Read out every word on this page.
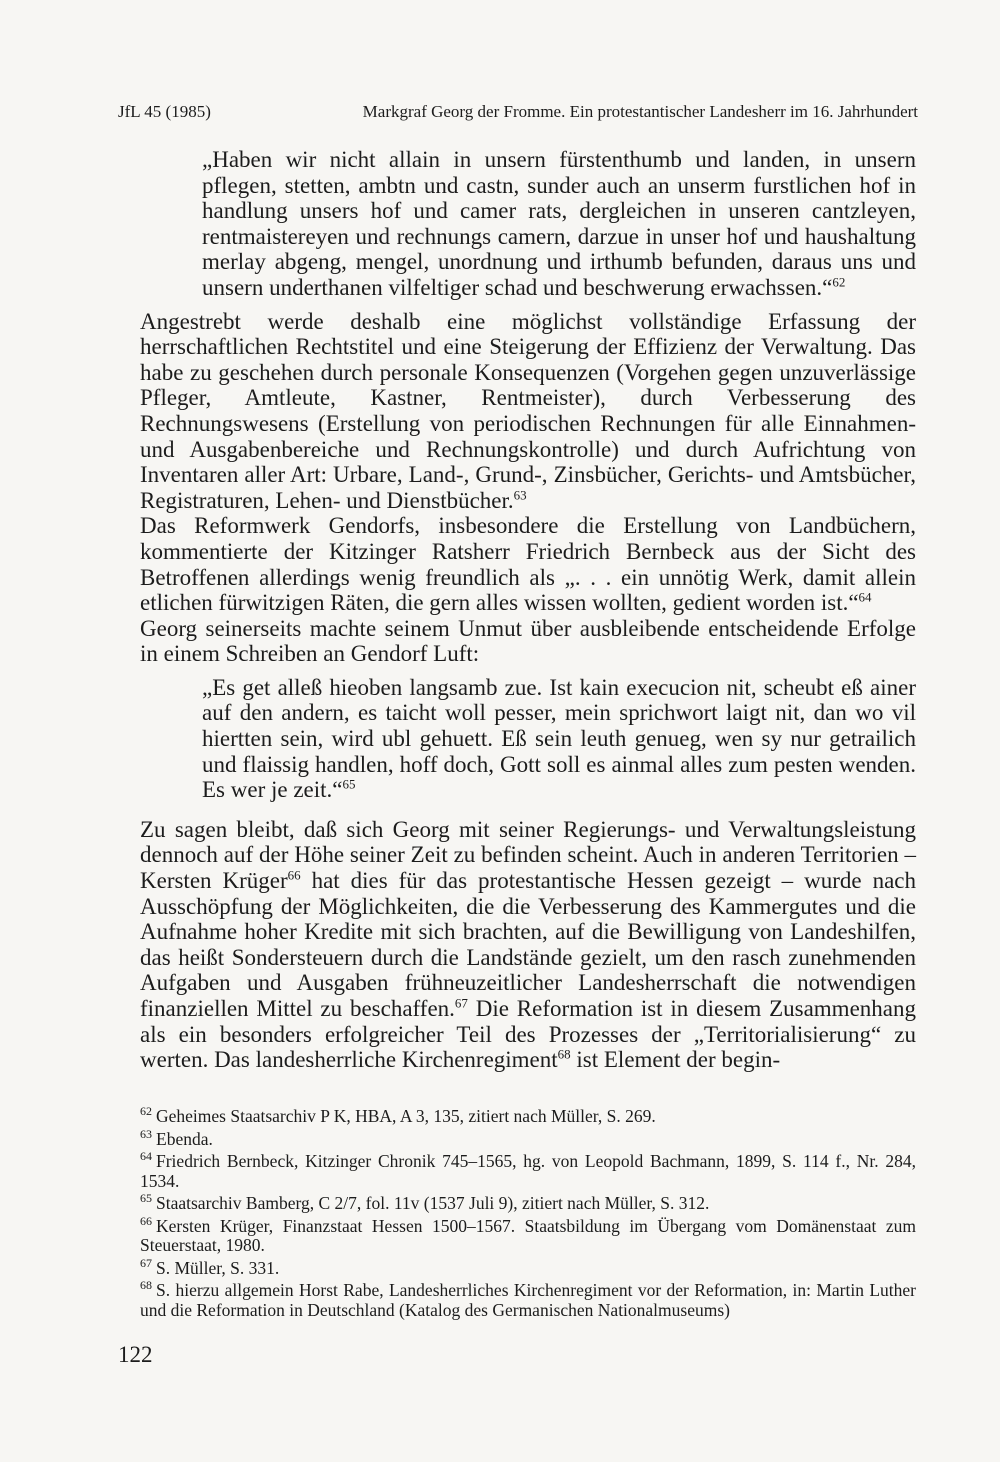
JfL 45 (1985)	Markgraf Georg der Fromme. Ein protestantischer Landesherr im 16. Jahrhundert

„Haben wir nicht allain in unsern fürstenthumb und landen, in unsern pflegen, stetten, ambtn und castn, sunder auch an unserm furstlichen hof in handlung unsers hof und camer rats, dergleichen in unseren cantzleyen, rentmaistereyen und rechnungs camern, darzue in unser hof und haushaltung merlay abgeng, mengel, unordnung und irthumb befunden, daraus uns und unsern underthanen vilfeltiger schad und beschwerung erwachssen.“$^{62}$

Angestrebt werde deshalb eine möglichst vollständige Erfassung der herrschaftlichen Rechtstitel und eine Steigerung der Effizienz der Verwaltung. Das habe zu geschehen durch personale Konsequenzen (Vorgehen gegen unzuverlässige Pfleger, Amtleute, Kastner, Rentmeister), durch Verbesserung des Rechnungswesens (Erstellung von periodischen Rechnungen für alle Einnahmen- und Ausgabenbereiche und Rechnungskontrolle) und durch Aufrichtung von Inventaren aller Art: Urbare, Land-, Grund-, Zinsbücher, Gerichts- und Amtsbücher, Registraturen, Lehen- und Dienstbücher.$^{63}$

Das Reformwerk Gendorfs, insbesondere die Erstellung von Landbüchern, kommentierte der Kitzinger Ratsherr Friedrich Bernbeck aus der Sicht des Betroffenen allerdings wenig freundlich als „. . . ein unnötig Werk, damit allein etlichen fürwitzigen Räten, die gern alles wissen wollten, gedient worden ist.“$^{64}$

Georg seinerseits machte seinem Unmut über ausbleibende entscheidende Erfolge in einem Schreiben an Gendorf Luft:

„Es get alleß hieoben langsamb zue. Ist kain execucion nit, scheubt eß ainer auf den andern, es taicht woll pesser, mein sprichwort laigt nit, dan wo vil hiertten sein, wird ubl gehuett. Eß sein leuth genueg, wen sy nur getrailich und flaissig handlen, hoff doch, Gott soll es ainmal alles zum pesten wenden. Es wer je zeit.“$^{65}$

Zu sagen bleibt, daß sich Georg mit seiner Regierungs- und Verwaltungsleistung dennoch auf der Höhe seiner Zeit zu befinden scheint. Auch in anderen Territorien – Kersten Krüger$^{66}$ hat dies für das protestantische Hessen gezeigt – wurde nach Ausschöpfung der Möglichkeiten, die die Verbesserung des Kammergutes und die Aufnahme hoher Kredite mit sich brachten, auf die Bewilligung von Landeshilfen, das heißt Sondersteuern durch die Landstände gezielt, um den rasch zunehmenden Aufgaben und Ausgaben frühneuzeitlicher Landesherrschaft die notwendigen finanziellen Mittel zu beschaffen.$^{67}$ Die Reformation ist in diesem Zusammenhang als ein besonders erfolgreicher Teil des Prozesses der „Territorialisierung“ zu werten. Das landesherrliche Kirchenregiment$^{68}$ ist Element der begin-

$^{62}$ Geheimes Staatsarchiv P K, HBA, A 3, 135, zitiert nach Müller, S. 269.

$^{63}$ Ebenda.

$^{64}$ Friedrich Bernbeck, Kitzinger Chronik 745–1565, hg. von Leopold Bachmann, 1899, S. 114 f., Nr. 284, 1534.

$^{65}$ Staatsarchiv Bamberg, C 2/7, fol. 11v (1537 Juli 9), zitiert nach Müller, S. 312.

$^{66}$ Kersten Krüger, Finanzstaat Hessen 1500–1567. Staatsbildung im Übergang vom Domänenstaat zum Steuerstaat, 1980.

$^{67}$ S. Müller, S. 331.

$^{68}$ S. hierzu allgemein Horst Rabe, Landesherrliches Kirchenregiment vor der Reformation, in: Martin Luther und die Reformation in Deutschland (Katalog des Germanischen Nationalmuseums)

122
